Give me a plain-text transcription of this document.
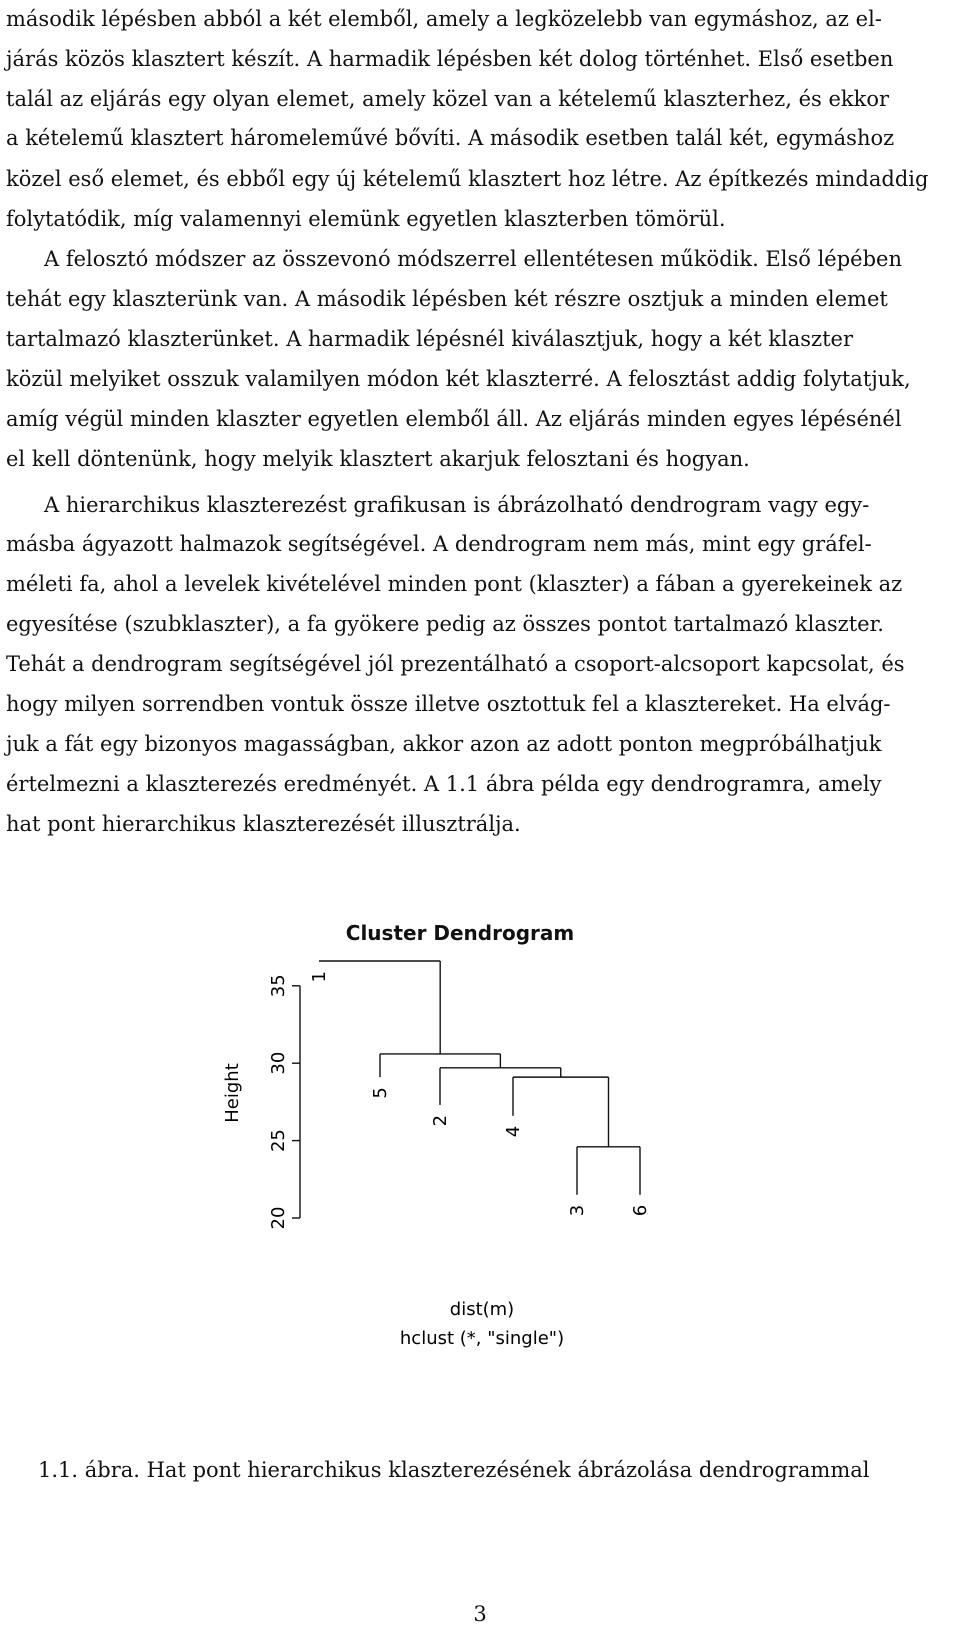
második lépésben abból a két elemből, amely a legközelebb van egymáshoz, az el-
járás közös klasztert készít. A harmadik lépésben két dolog történhet. Első esetben
talál az eljárás egy olyan elemet, amely közel van a kételemű klaszterhez, és ekkor
a kételemű klasztert háromeleművé bővíti. A második esetben talál két, egymáshoz
közel eső elemet, és ebből egy új kételemű klasztert hoz létre. Az építkezés mindaddig
folytatódik, míg valamennyi elemünk egyetlen klaszterben tömörül.
A felosztó módszer az összevonó módszerrel ellentétesen működik. Első lépében
tehát egy klaszterünk van. A második lépésben két részre osztjuk a minden elemet
tartalmazó klaszterünket. A harmadik lépésnél kiválasztjuk, hogy a két klaszter
közül melyiket osszuk valamilyen módon két klaszterré. A felosztást addig folytatjuk,
amíg végül minden klaszter egyetlen elemből áll. Az eljárás minden egyes lépésénél
el kell döntenünk, hogy melyik klasztert akarjuk felosztani és hogyan.
A hierarchikus klaszterezést grafikusan is ábrázolható dendrogram vagy egy-
másba ágyazott halmazok segítségével. A dendrogram nem más, mint egy gráfel-
méleti fa, ahol a levelek kivételével minden pont (klaszter) a fában a gyerekeinek az
egyesítése (szubklaszter), a fa gyökere pedig az összes pontot tartalmazó klaszter.
Tehát a dendrogram segítségével jól prezentálható a csoport-alcsoport kapcsolat, és
hogy milyen sorrendben vontuk össze illetve osztottuk fel a klasztereket. Ha elvág-
juk a fát egy bizonyos magasságban, akkor azon az adott ponton megpróbálhatjuk
értelmezni a klaszterezés eredményét. A 1.1 ábra példa egy dendrogramra, amely
hat pont hierarchikus klaszterezését illusztrálja.
Cluster Dendrogram
20
25
30
35 1
5
2
4
3 6
Height
dist(m)
hclust (*, "single")
1.1. ábra. Hat pont hierarchikus klaszterezésének ábrázolása dendrogrammal
3
